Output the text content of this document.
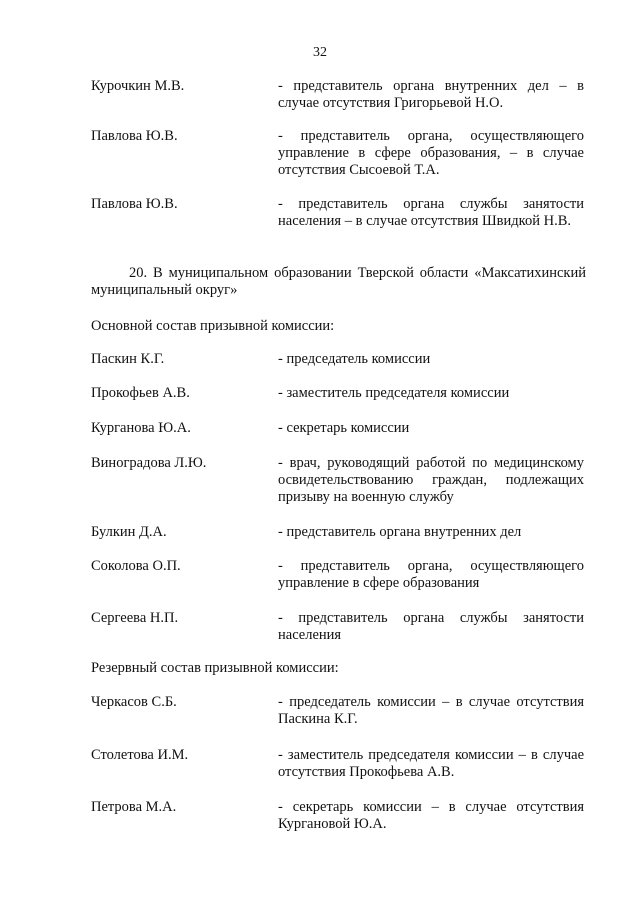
32
Курочкин М.В.	- представитель органа внутренних дел – в случае отсутствия Григорьевой Н.О.
Павлова Ю.В.	- представитель органа, осуществляющего управление в сфере образования, – в случае отсутствия Сысоевой Т.А.
Павлова Ю.В.	- представитель органа службы занятости населения – в случае отсутствия Швидкой Н.В.
20. В муниципальном образовании Тверской области «Максатихинский муниципальный округ»
Основной состав призывной комиссии:
Паскин К.Г.	- председатель комиссии
Прокофьев А.В.	- заместитель председателя комиссии
Курганова Ю.А.	- секретарь комиссии
Виноградова Л.Ю.	- врач, руководящий работой по медицинскому освидетельствованию граждан, подлежащих призыву на военную службу
Булкин Д.А.	- представитель органа внутренних дел
Соколова О.П.	- представитель органа, осуществляющего управление в сфере образования
Сергеева Н.П.	- представитель органа службы занятости населения
Резервный состав призывной комиссии:
Черкасов С.Б.	- председатель комиссии – в случае отсутствия Паскина К.Г.
Столетова И.М.	- заместитель председателя комиссии – в случае отсутствия Прокофьева А.В.
Петрова М.А.	- секретарь комиссии – в случае отсутствия Кургановой Ю.А.
